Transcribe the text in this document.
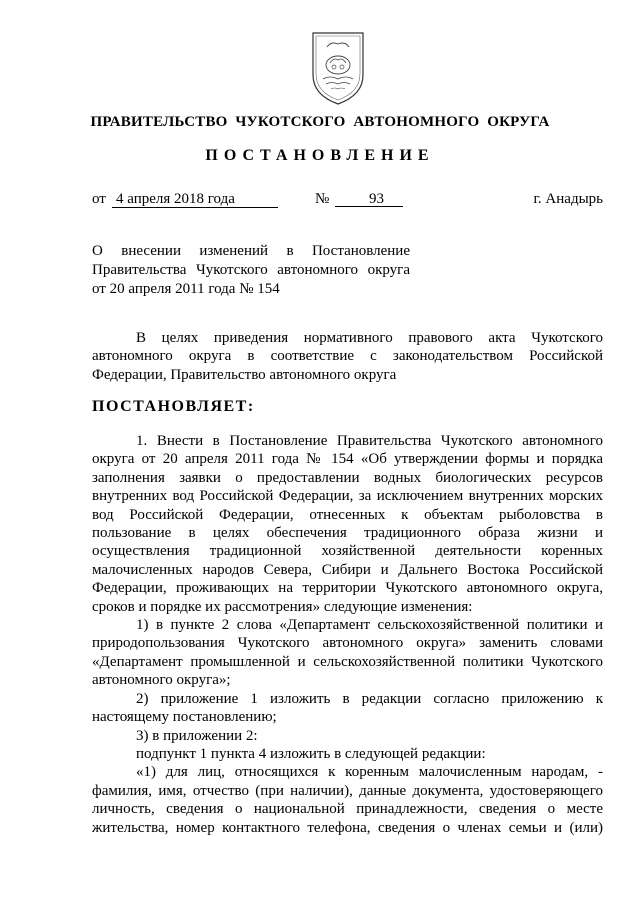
ПРАВИТЕЛЬСТВО  ЧУКОТСКОГО  АВТОНОМНОГО  ОКРУГА
ПОСТАНОВЛЕНИЕ
от 4 апреля 2018 года	№	93	г. Анадырь
О внесении изменений в Постановление
Правительства Чукотского автономного округа
от 20 апреля 2011 года № 154
В целях приведения нормативного правового акта Чукотского
автономного округа в соответствие с законодательством Российской
Федерации, Правительство автономного округа
ПОСТАНОВЛЯЕТ:
1. Внести в Постановление Правительства Чукотского автономного
округа от 20 апреля 2011 года № 154 «Об утверждении формы и порядка
заполнения заявки о предоставлении водных биологических ресурсов
внутренних вод Российской Федерации, за исключением внутренних морских
вод Российской Федерации, отнесенных к объектам рыболовства в
пользование в целях обеспечения традиционного образа жизни и
осуществления традиционной хозяйственной деятельности коренных
малочисленных народов Севера, Сибири и Дальнего Востока Российской
Федерации, проживающих на территории Чукотского автономного округа,
сроков и порядке их рассмотрения» следующие изменения:
1) в пункте 2 слова «Департамент сельскохозяйственной политики и
природопользования Чукотского автономного округа» заменить словами
«Департамент промышленной и сельскохозяйственной политики Чукотского
автономного округа»;
2) приложение 1 изложить в редакции согласно приложению к
настоящему постановлению;
3) в приложении 2:
подпункт 1 пункта 4 изложить в следующей редакции:
«1) для лиц, относящихся к коренным малочисленным народам, -
фамилия, имя, отчество (при наличии), данные документа, удостоверяющего
личность, сведения о национальной принадлежности, сведения о месте
жительства, номер контактного телефона, сведения о членах семьи и (или)
